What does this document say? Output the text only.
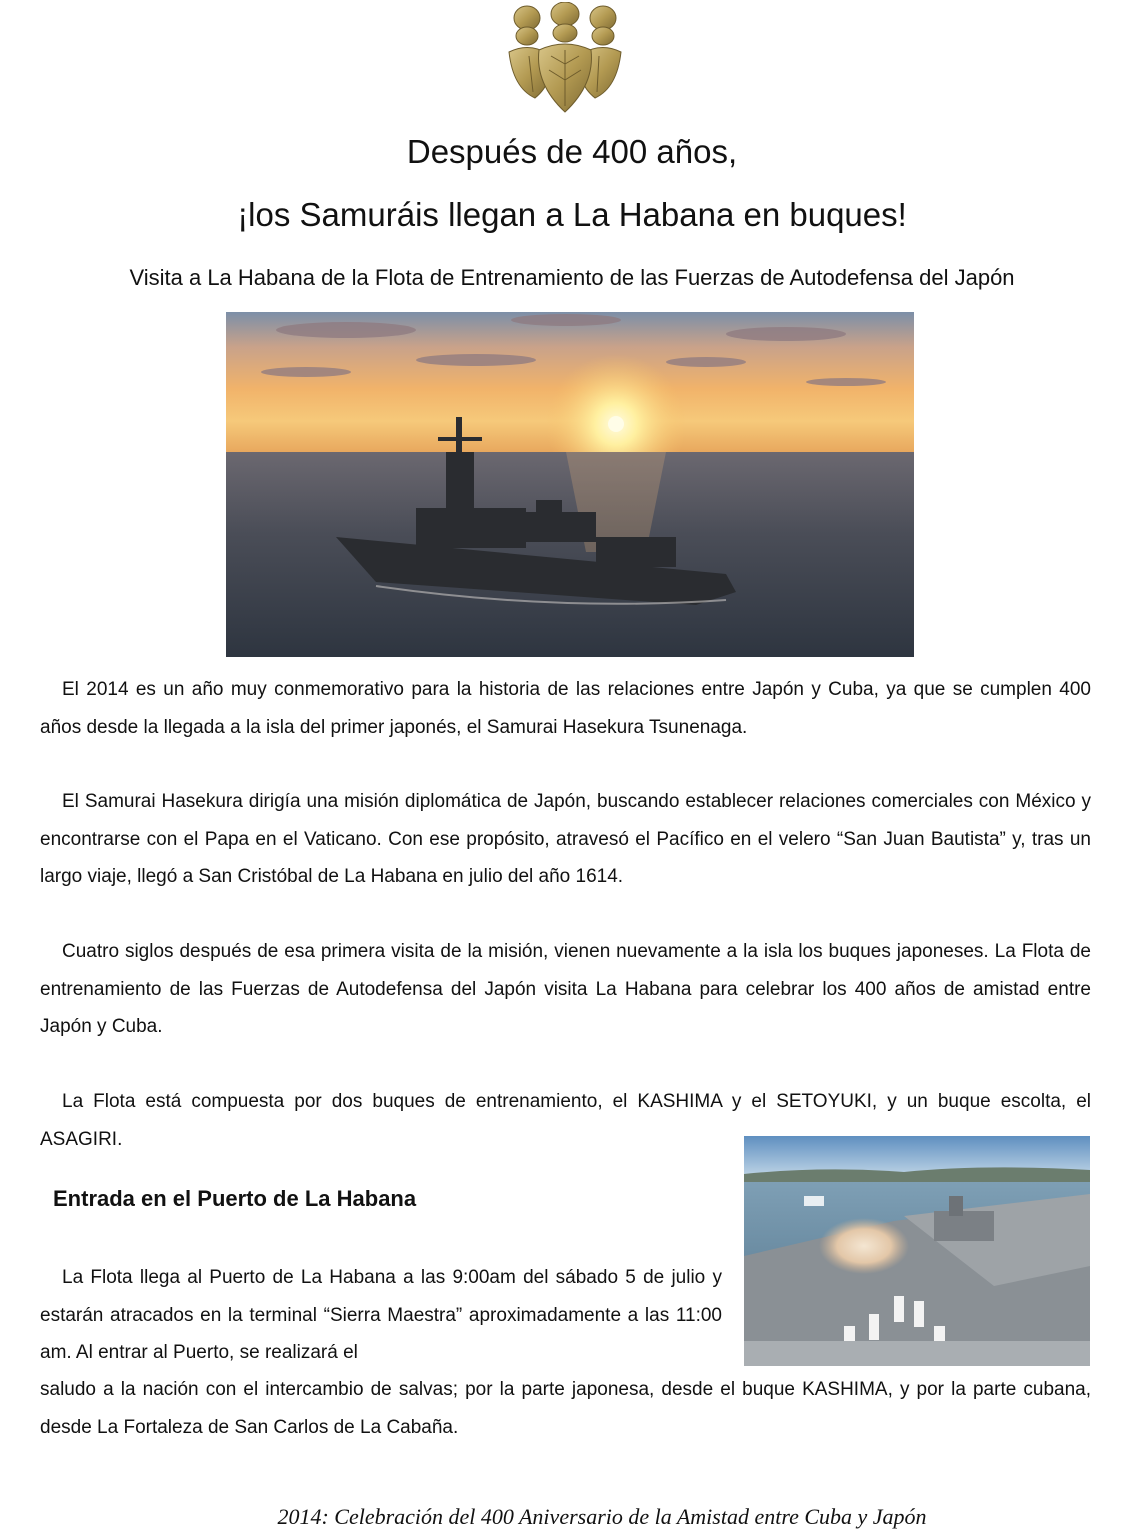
Después de 400 años,
¡los Samuráis llegan a La Habana en buques!

Visita a La Habana de la Flota de Entrenamiento de las Fuerzas de Autodefensa del Japón

El 2014 es un año muy conmemorativo para la historia de las relaciones entre Japón y Cuba, ya que se cumplen 400 años desde la llegada a la isla del primer japonés, el Samurai Hasekura Tsunenaga.

El Samurai Hasekura dirigía una misión diplomática de Japón, buscando establecer relaciones comerciales con México y encontrarse con el Papa en el Vaticano. Con ese propósito, atravesó el Pacífico en el velero “San Juan Bautista” y, tras un largo viaje, llegó a San Cristóbal de La Habana en julio del año 1614.

Cuatro siglos después de esa primera visita de la misión, vienen nuevamente a la isla los buques japoneses. La Flota de entrenamiento de las Fuerzas de Autodefensa del Japón visita La Habana para celebrar los 400 años de amistad entre Japón y Cuba.

La Flota está compuesta por dos buques de entrenamiento, el KASHIMA y el SETOYUKI, y un buque escolta, el ASAGIRI.

Entrada en el Puerto de La Habana

La Flota llega al Puerto de La Habana a las 9:00am del sábado 5 de julio y estarán atracados en la terminal “Sierra Maestra” aproximadamente a las 11:00 am. Al entrar al Puerto, se realizará el

saludo a la nación con el intercambio de salvas; por la parte japonesa, desde el buque KASHIMA, y por la parte cubana, desde La Fortaleza de San Carlos de La Cabaña.

2014: Celebración del 400 Aniversario de la Amistad entre Cuba y Japón
